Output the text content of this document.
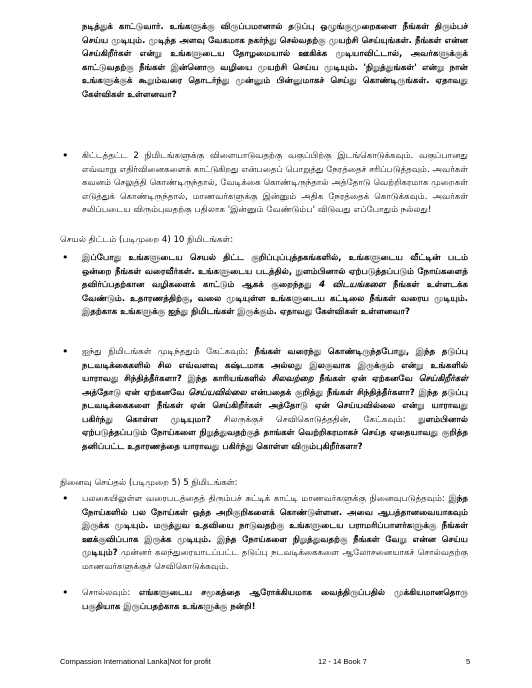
நடித்துக் காட்டுவார். உங்களுக்கு விருப்பமானால் தடுப்பு ஒழுங்குமுறைகளை நீங்கள் திரும்பச் செய்ய முடியும். முடிந்த அளவு வேகமாக நகர்ந்து செல்வதற்கு முயற்சி செய்யுங்கள். நீங்கள் என்ன செய்கிறீர்கள் என்று உங்களுடைய தோழமையால் ஊகிக்க முடியாவிட்டால், அவர்களுக்குக் காட்டுவதற்கு நீங்கள் இன்னொரு வழியை முயற்சி செய்ய முடியும். 'நிறுத்துங்கள்' என்று நான் உங்களுக்குக் கூறும்வரை தொடர்ந்து முன்னும் பின்னுமாகச் செய்து கொண்டிருங்கள். ஏதாவது கேள்விகள் உள்ளனவா?
• கிட்டத்தட்ட 2 நிமிடங்களுக்கு விளையாடுவதற்கு வகுப்பிற்கு இடங்கொடுக்கவும். வகுப்பானது எவ்வாறு எதிர்வினைகளைக் காட்டுகிறது என்பதைப் பொறுத்து நேரத்தைச் சரிப்படுத்தவும். அவர்கள் கவனம் செலுத்தி கொண்டிருந்தால், வேடிக்கை கொண்டிருந்தால் அத்தோடு வெற்றிகரமாக முறைகள் எடுத்துக் கொண்டிருந்தால், மாணவர்களுக்கு இன்னும் அதிக நேரத்தைக் கொடுக்கவும். அவர்கள் சலிப்படைய விரும்புவதற்கு பதிலாக 'இன்னும் வேண்டும்ப' விடுவது எப்போதும் நல்லது!
செயல் திட்டம் (படிமுறை 4) 10 நிமிடங்கள்:
• இப்போது உங்களுடைய செயல் திட்ட குறிப்புப்புத்தகங்களில், உங்களுடைய வீட்டின் படம் ஒன்றை நீங்கள் வரைவீர்கள். உங்களுடைய படத்தில், நுளம்பினால் ஏற்படுத்தப்படும் நோய்களைத் தவிர்ப்பதற்கான வழிகளைக் காட்டும் ஆகக் குறைந்தது 4 விடயங்களை நீங்கள் உள்ளடக்க வேண்டும். உதாரணத்திற்கு, வலை முடியுள்ள உங்களுடைய கட்டிலை நீங்கள் வரைய முடியும். இதற்காக உங்களுக்கு ஐந்து நிமிடங்கள் இருக்கும். ஏதாவது கேள்விகள் உள்ளனவா?
• ஐந்து நிமிடங்கள் முடிந்ததும் கேட்கவும்: நீங்கள் வரைந்து கொண்டிருந்தபோது, இந்த தடுப்பு நடவடிக்கைகளில் சில எவ்வளவு கஷ்டமாக அல்லது இலகுவாக இருக்கும் என்று உங்களில் யாராவது சிந்தித்தீர்களா? இந்த காரியங்களில் சிலவற்றை நீங்கள் ஏன் ஏற்கனவே செய்கிறீர்கள் அத்தோடு ஏன் ஏற்கனவே செய்யவில்லை என்பதைக் குறித்து நீங்கள் சிந்தித்தீர்களா? இந்த தடுப்பு நடவடிக்கைகளை நீங்கள் ஏன் செய்கிறீர்கள் அத்தோடு ஏன் செய்யவில்லை என்று யாராவது பகிர்ந்து கொள்ள முடியுமா? சிலருக்குச் செவிகொடுத்ததின், கேட்கவும்: நுளம்பினால் ஏற்படுத்தப்படும் நோய்களை நிறுத்துவதற்குத் தாங்கள் வெற்றிகரமாகச் செய்த ஏதையாவது குறித்த தனிப்பட்ட உதாரணத்தை யாராவது பகிர்ந்து கொள்ள விரும்புகிறீர்களா?
நினைவு செய்தல் (படிமுறை 5) 5 நிமிடங்கள்:
• பலகையிலுள்ள வரைபடத்தைத் திரும்பச் சுட்டிக் காட்டி மாணவர்களுக்கு நினைவுபடுத்தவும்: இந்த நோய்களில் பல நோய்கள் ஒத்த அறிகுறிகளைக் கொண்டுள்ளன. அவை ஆபத்தானவையாகவும் இருக்க முடியும். மருத்துவ உதவியை நாடுவதற்கு உங்களுடைய பராமரிப்பாளர்களுக்கு நீங்கள் ஊக்குவிப்பாக இருக்க முடியும். இந்த நோய்களை நிறுத்துவதற்கு நீங்கள் வேறு என்ன செய்ய முடியும்? முன்னர் கலந்துரையாடப்பட்ட தடுப்பு நடவடிக்கைகளை ஆலோசனையாகச் சொல்வதற்கு மாணவர்களுக்குச் செவிகொடுக்கவும்.
• சொல்லவும்: எங்களுடைய சமூகத்தை ஆரோக்கியமாக வைத்திருப்பதில் முக்கியமானதொரு பகுதியாக இருப்பதற்காக உங்களுக்கு நன்றி!
Compassion International Lanka|Not for profit	12 - 14 Book 7	5
